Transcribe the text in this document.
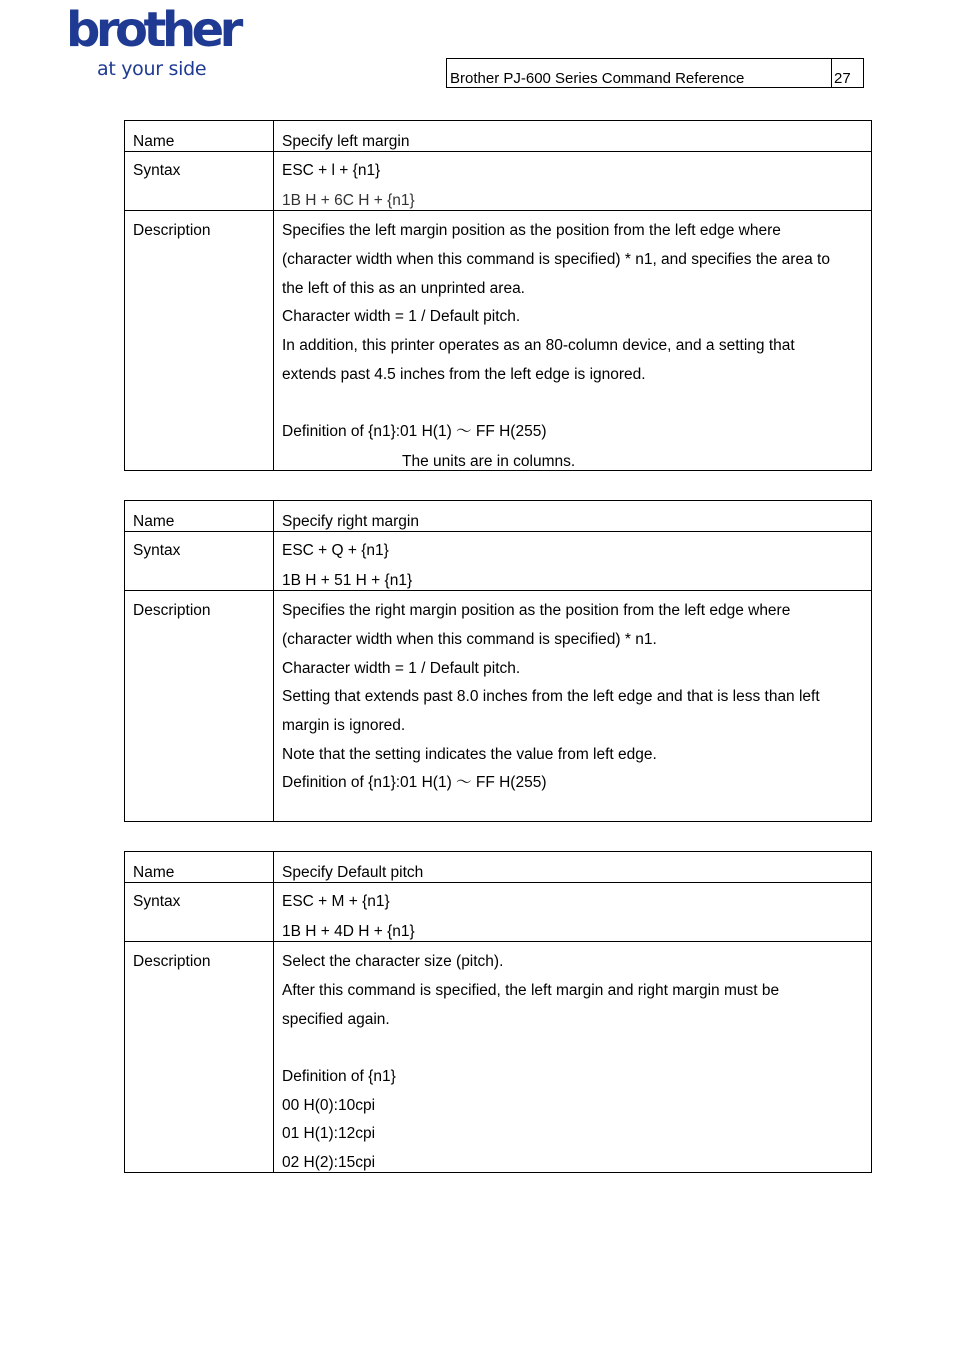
brother
at your side	Brother PJ-600 Series Command Reference	27
Name	Specify left margin
Syntax	ESC + l + {n1}
1B H + 6C H + {n1}
Description	Specifies the left margin position as the position from the left edge where
(character width when this command is specified) * n1, and specifies the area to
the left of this as an unprinted area.
Character width = 1 / Default pitch.
In addition, this printer operates as an 80-column device, and a setting that
extends past 4.5 inches from the left edge is ignored.
Definition of {n1}:01 H(1) ～ FF H(255)
The units are in columns.
Name	Specify right margin
Syntax	ESC + Q + {n1}
1B H + 51 H + {n1}
Description	Specifies the right margin position as the position from the left edge where
(character width when this command is specified) * n1.
Character width = 1 / Default pitch.
Setting that extends past 8.0 inches from the left edge and that is less than left
margin is ignored.
Note that the setting indicates the value from left edge.
Definition of {n1}:01 H(1) ～ FF H(255)
Name	Specify Default pitch
Syntax	ESC + M + {n1}
1B H + 4D H + {n1}
Description	Select the character size (pitch).
After this command is specified, the left margin and right margin must be
specified again.
Definition of {n1}
00 H(0):10cpi
01 H(1):12cpi
02 H(2):15cpi
